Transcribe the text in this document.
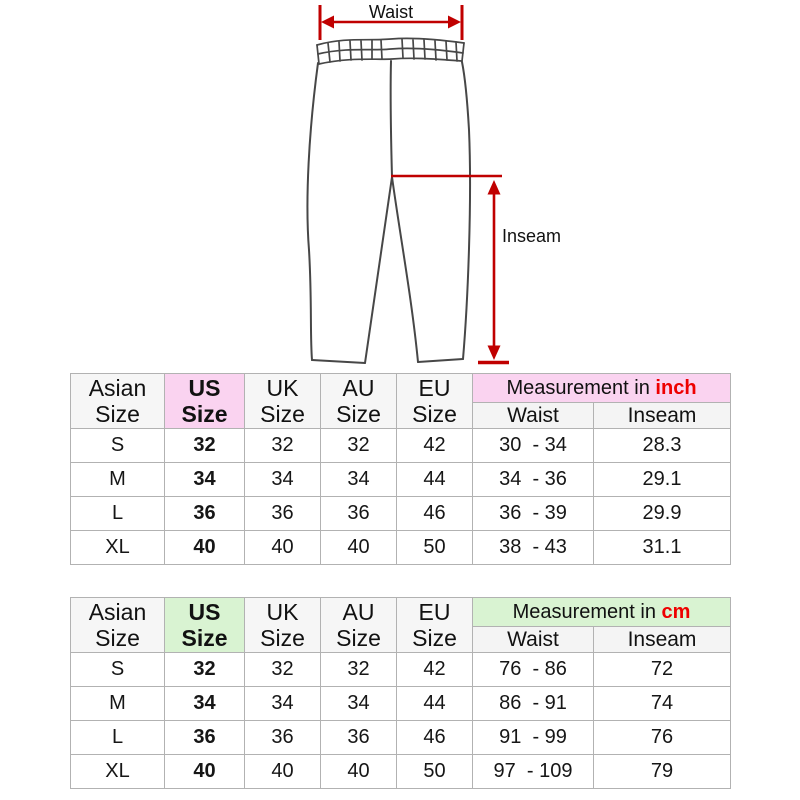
Waist
Inseam
Asian Size	US Size	UK Size	AU Size	EU Size	Measurement in inch	
					Waist	Inseam
S	32	32	32	42	30  - 34	28.3
M	34	34	34	44	34  - 36	29.1
L	36	36	36	46	36  - 39	29.9
XL	40	40	40	50	38  - 43	31.1
Asian Size	US Size	UK Size	AU Size	EU Size	Measurement in cm	
					Waist	Inseam
S	32	32	32	42	76  - 86	72
M	34	34	34	44	86  - 91	74
L	36	36	36	46	91  - 99	76
XL	40	40	40	50	97  - 109	79
